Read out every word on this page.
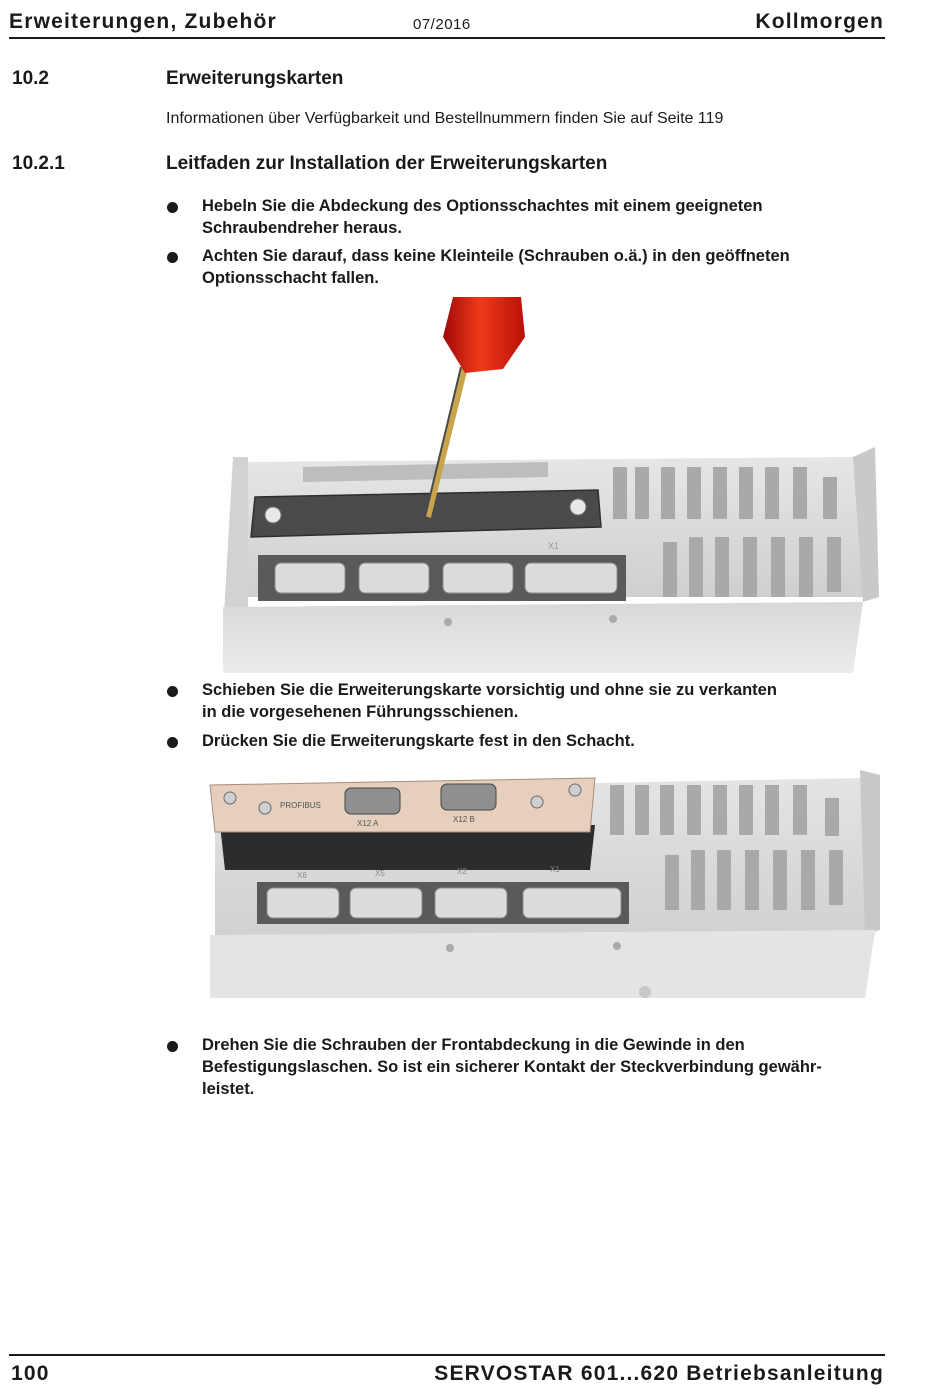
Erweiterungen, Zubehör	07/2016	Kollmorgen
10.2	Erweiterungskarten
Informationen über Verfügbarkeit und Bestellnummern finden Sie auf Seite 119
10.2.1	Leitfaden zur Installation der Erweiterungskarten
Hebeln Sie die Abdeckung des Optionsschachtes mit einem geeigneten
Schraubendreher heraus.
Achten Sie darauf, dass keine Kleinteile (Schrauben o.ä.) in den geöffneten
Optionsschacht fallen.
X1
Schieben Sie die Erweiterungskarte vorsichtig und ohne sie zu verkanten
in die vorgesehenen Führungsschienen.
Drücken Sie die Erweiterungskarte fest in den Schacht.
PROFIBUS
X12 A	X12 B
X6	X5	X2	X1
Drehen Sie die Schrauben der Frontabdeckung in die Gewinde in den
Befestigungslaschen. So ist ein sicherer Kontakt der Steckverbindung gewähr-
leistet.
100	SERVOSTAR 601...620 Betriebsanleitung
